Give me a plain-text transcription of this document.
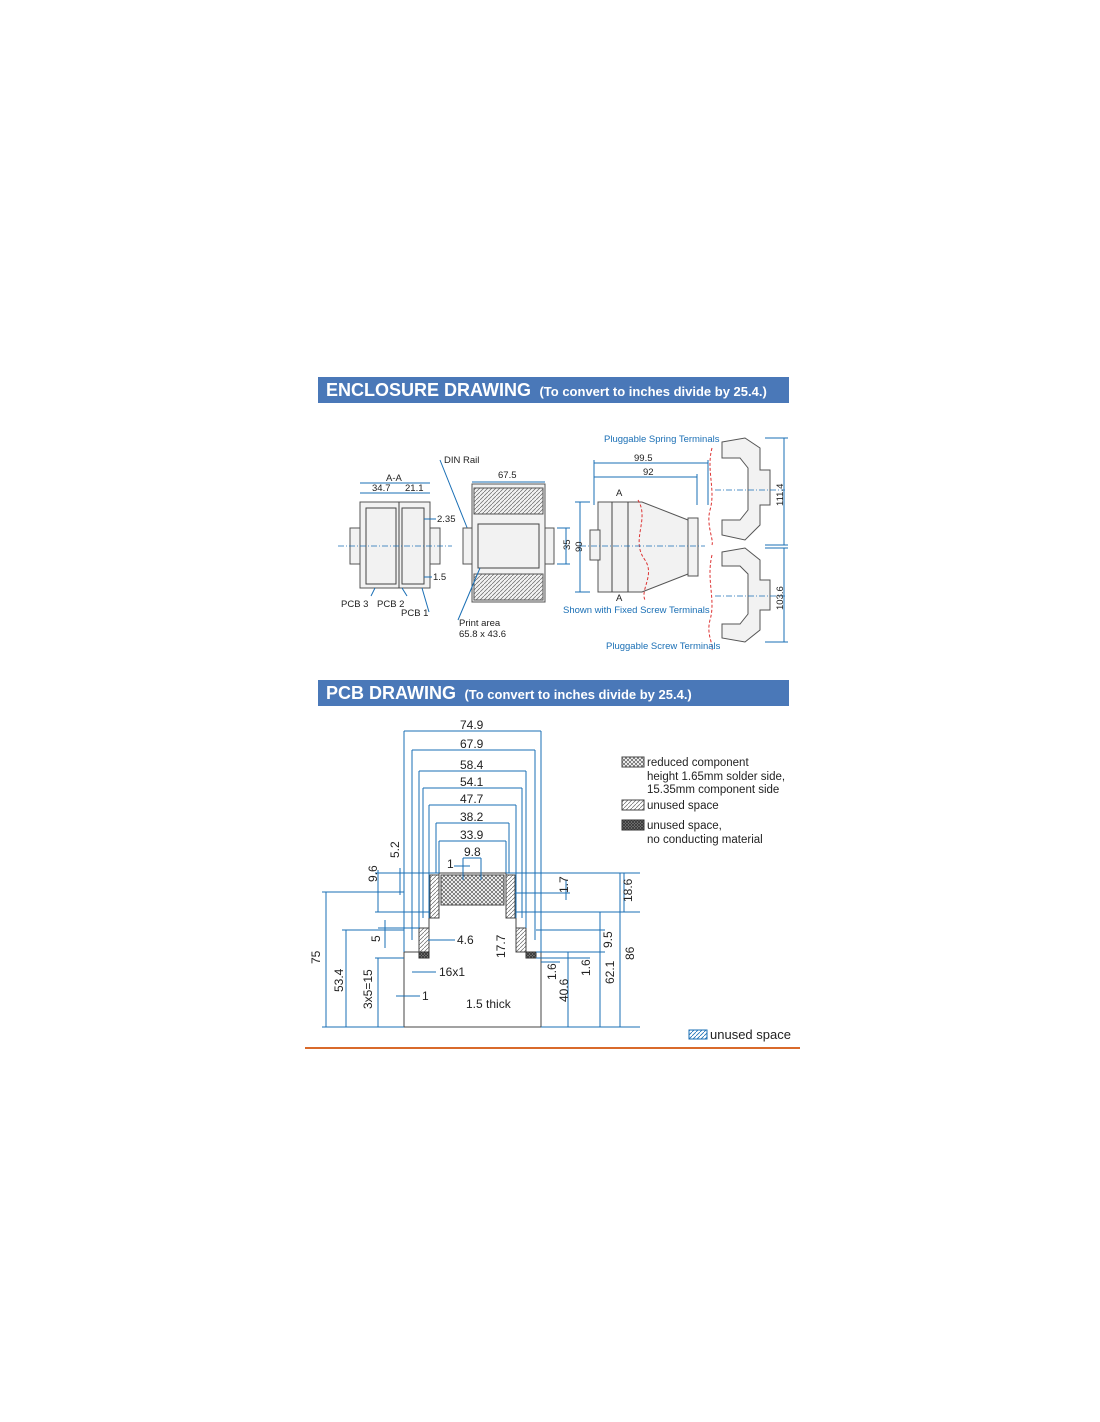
ENCLOSURE DRAWING (To convert to inches divide by 25.4.)
PCB DRAWING (To convert to inches divide by 25.4.)
A-A
34.7 21.1
2.35
1.5
PCB 3 PCB 2
PCB 1
DIN Rail
67.5
35
Print area
65.8 x 43.6
Pluggable Spring Terminals
99.5
92
A
A
90
Shown with Fixed Screw Terminals
111.4
103.6
Pluggable Screw Terminals
74.9
67.9
58.4
54.1
47.7
38.2
33.9
9.8
1
5.2
9.6
5	4.6
75
53.4 3x5=15	16x1
1
1.5 thick
1.7	18.6
17.7	9.5
1.6 1.6
40.6
62.1
86
reduced component
height 1.65mm solder side,
15.35mm component side
unused space
unused space,
no conducting material
unused space
